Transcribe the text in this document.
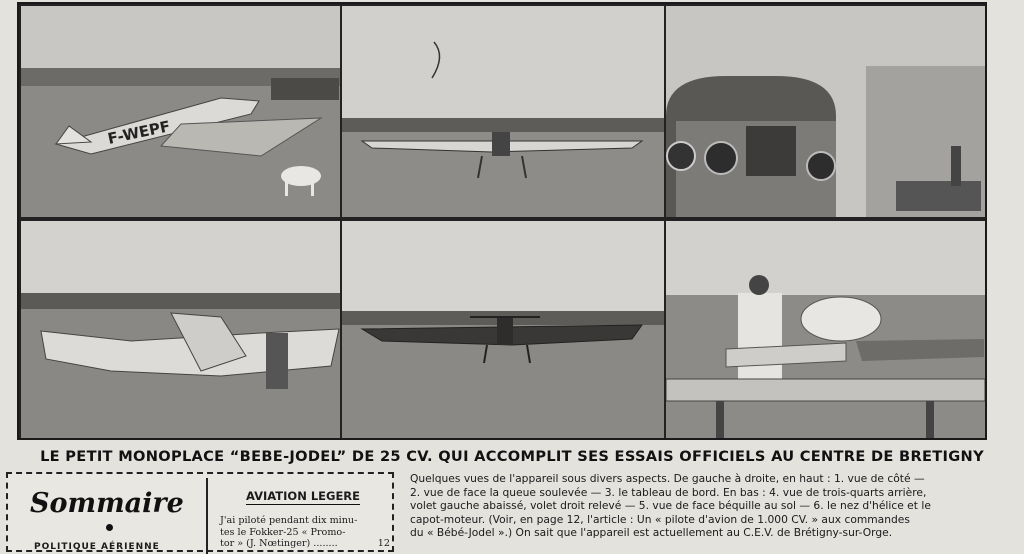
F-WEPF
LE PETIT MONOPLACE “BEBE-JODEL” DE 25 CV. QUI ACCOMPLIT SES ESSAIS OFFICIELS AU CENTRE DE BRETIGNY
Sommaire
POLITIQUE AÉRIENNE
AVIATION LEGERE
J'ai piloté pendant dix minu-
tes le Fokker-25 « Promo-
tor » (J. Nœtinger) ........	12
Quelques vues de l'appareil sous divers aspects. De gauche à droite, en haut : 1. vue de côté —
2. vue de face la queue soulevée — 3. le tableau de bord. En bas : 4. vue de trois-quarts arrière,
volet gauche abaissé, volet droit relevé — 5. vue de face béquille au sol — 6. le nez d'hélice et le
capot-moteur. (Voir, en page 12, l'article : Un « pilote d'avion de 1.000 CV. » aux commandes
du « Bébé-Jodel ».) On sait que l'appareil est actuellement au C.E.V. de Brétigny-sur-Orge.
